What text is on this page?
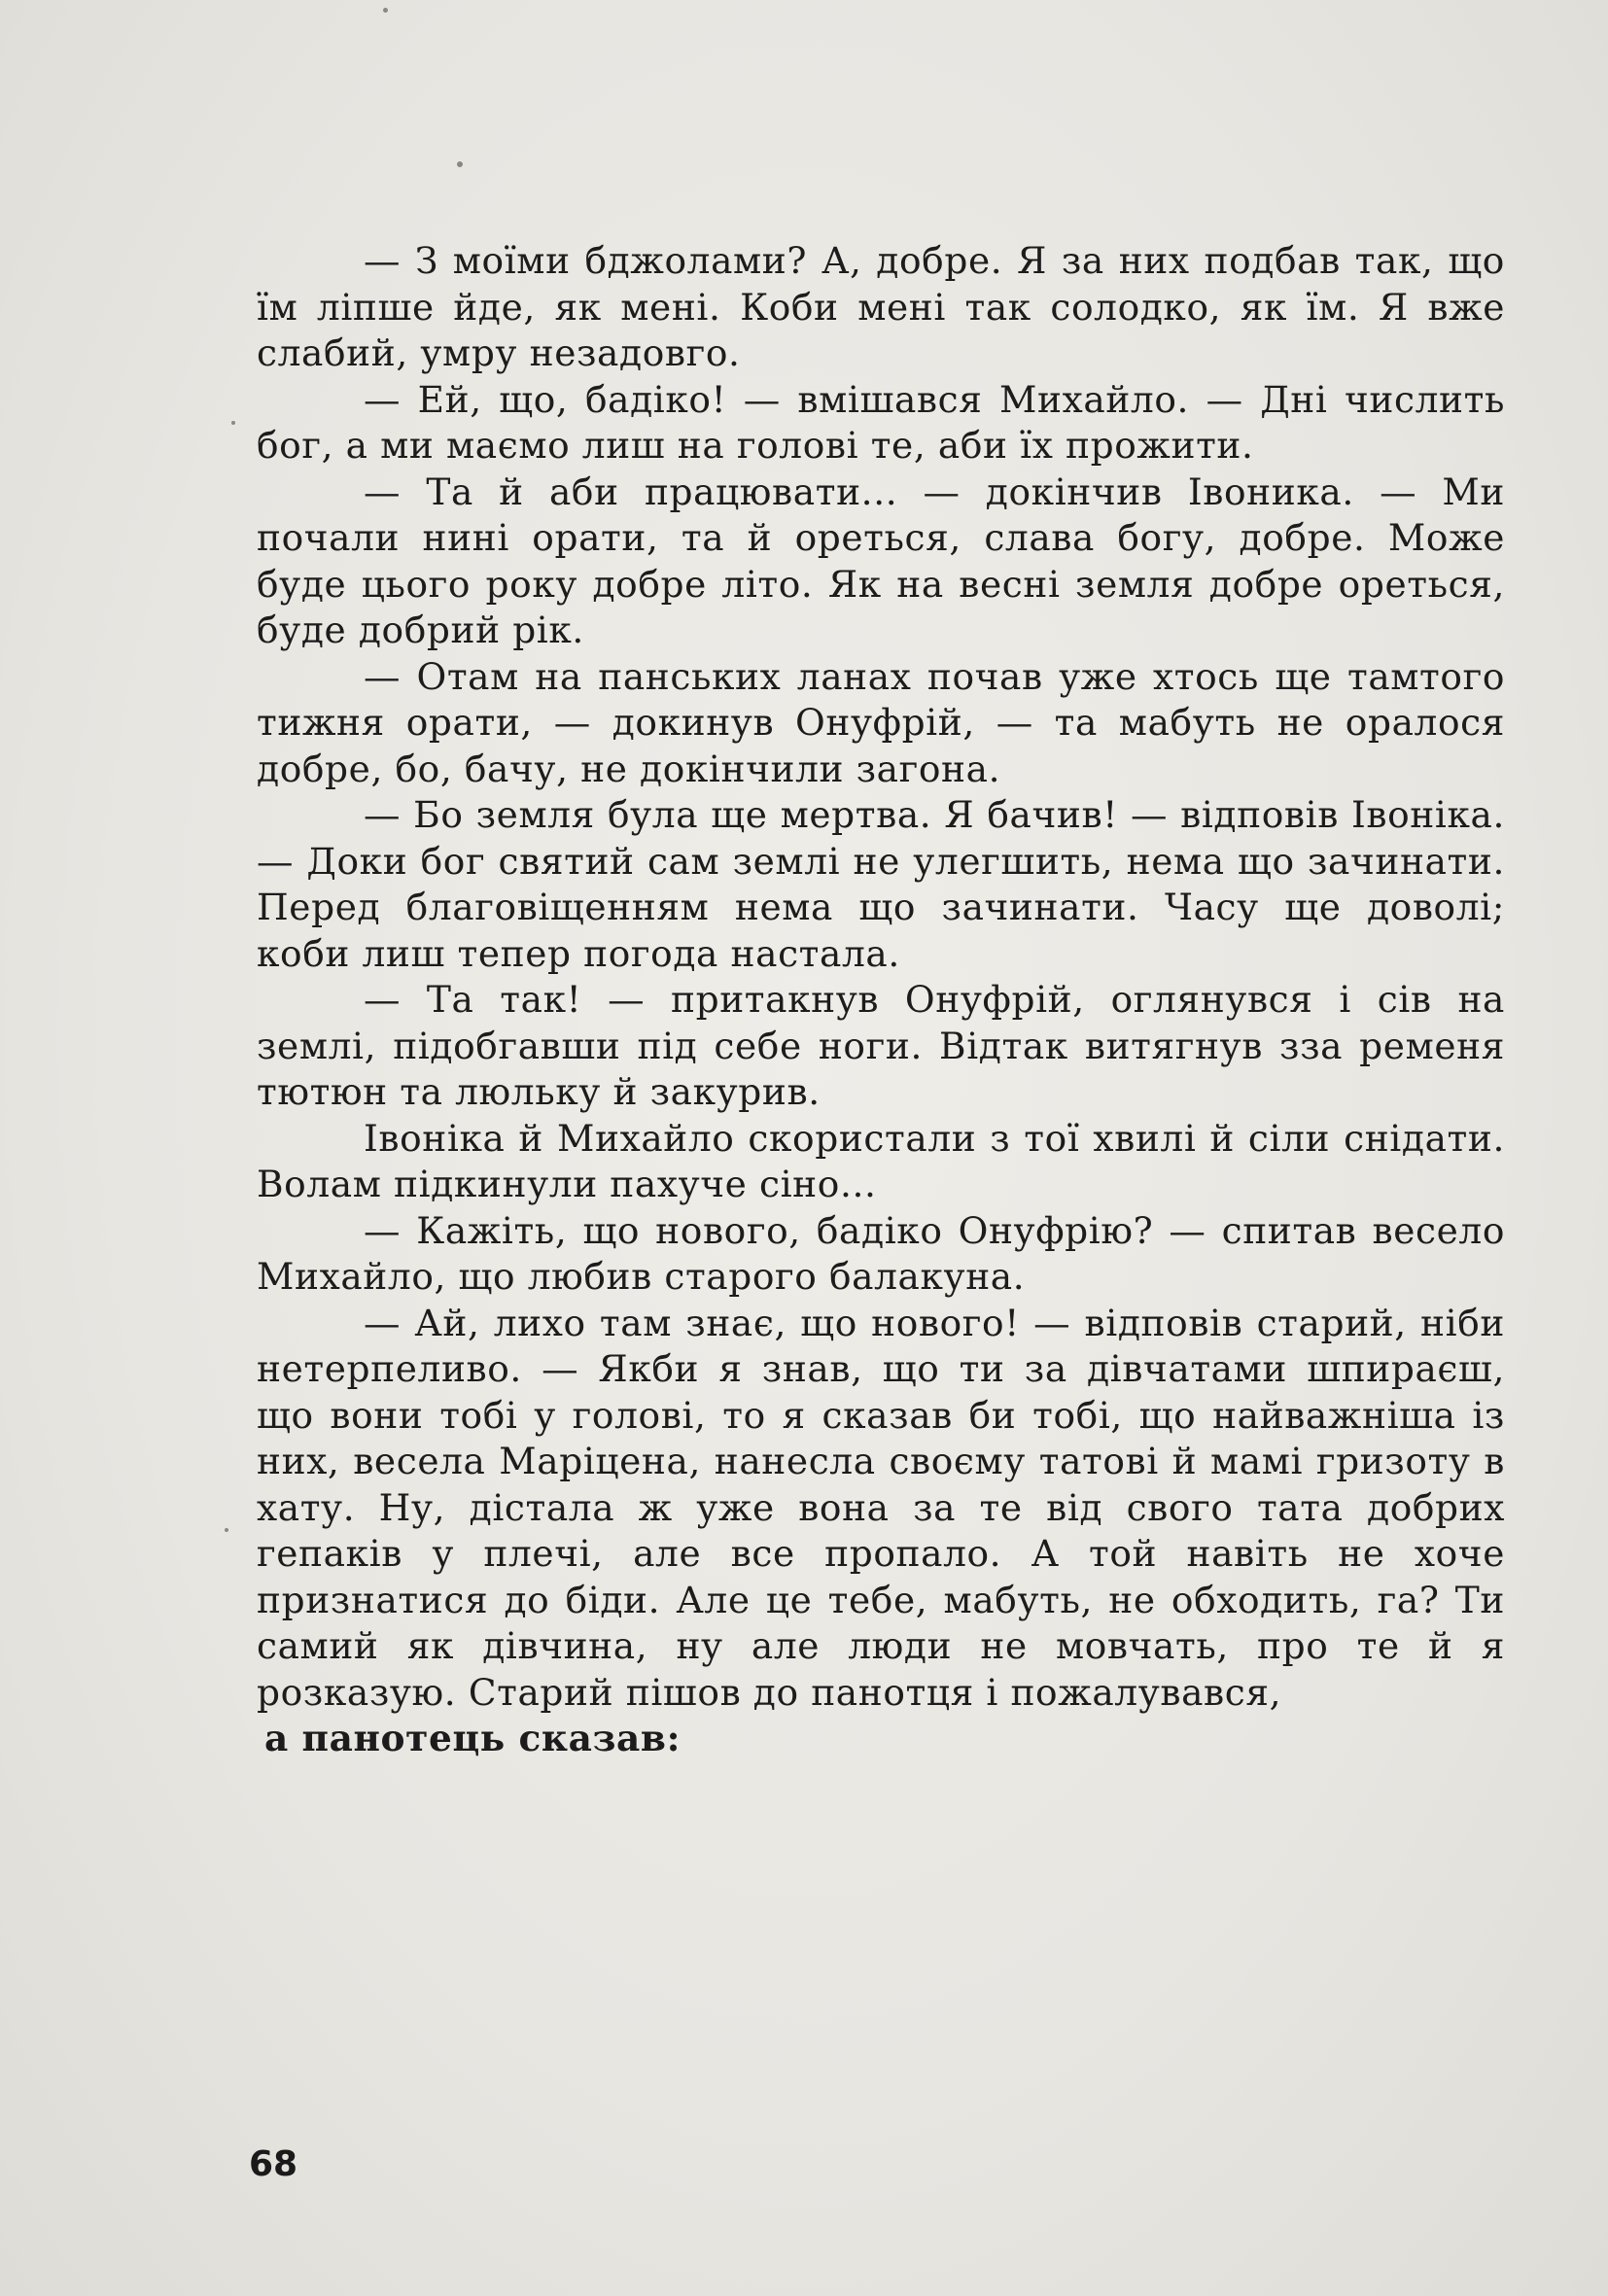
— З моїми бджолами? А, добре. Я за них подбав так, що їм ліпше йде, як мені. Коби мені так солодко, як їм. Я вже слабий, умру незадовго.

— Ей, що, бадіко! — вмішався Михайло. — Дні числить бог, а ми маємо лиш на голові те, аби їх прожити.

— Та й аби працювати... — докінчив Івоника. — Ми почали нині орати, та й ореться, слава богу, добре. Може буде цього року добре літо. Як на весні земля добре ореться, буде добрий рік.

— Отам на панських ланах почав уже хтось ще тамтого тижня орати, — докинув Онуфрій, — та мабуть не оралося добре, бо, бачу, не докінчили загона.

— Бо земля була ще мертва. Я бачив! — відповів Івоніка. — Доки бог святий сам землі не улегшить, нема що зачинати. Перед благовіщенням нема що зачинати. Часу ще доволі; коби лиш тепер погода настала.

— Та так! — притакнув Онуфрій, оглянувся і сів на землі, підобгавши під себе ноги. Відтак витягнув зза ременя тютюн та люльку й закурив.

Івоніка й Михайло скористали з тої хвилі й сіли снідати. Волам підкинули пахуче сіно...

— Кажіть, що нового, бадіко Онуфрію? — спитав весело Михайло, що любив старого балакуна.

— Ай, лихо там знає, що нового! — відповів старий, ніби нетерпеливо. — Якби я знав, що ти за дівчатами шпираєш, що вони тобі у голові, то я сказав би тобі, що найважніша із них, весела Маріцена, нанесла своєму татові й мамі гризоту в хату. Ну, дістала ж уже вона за те від свого тата добрих гепаків у плечі, але все пропало. А той навіть не хоче признатися до біди. Але це тебе, мабуть, не обходить, га? Ти самий як дівчина, ну але люди не мовчать, про те й я розказую. Старий пішов до панотця і пожалувався,

а панотець сказав:

68
